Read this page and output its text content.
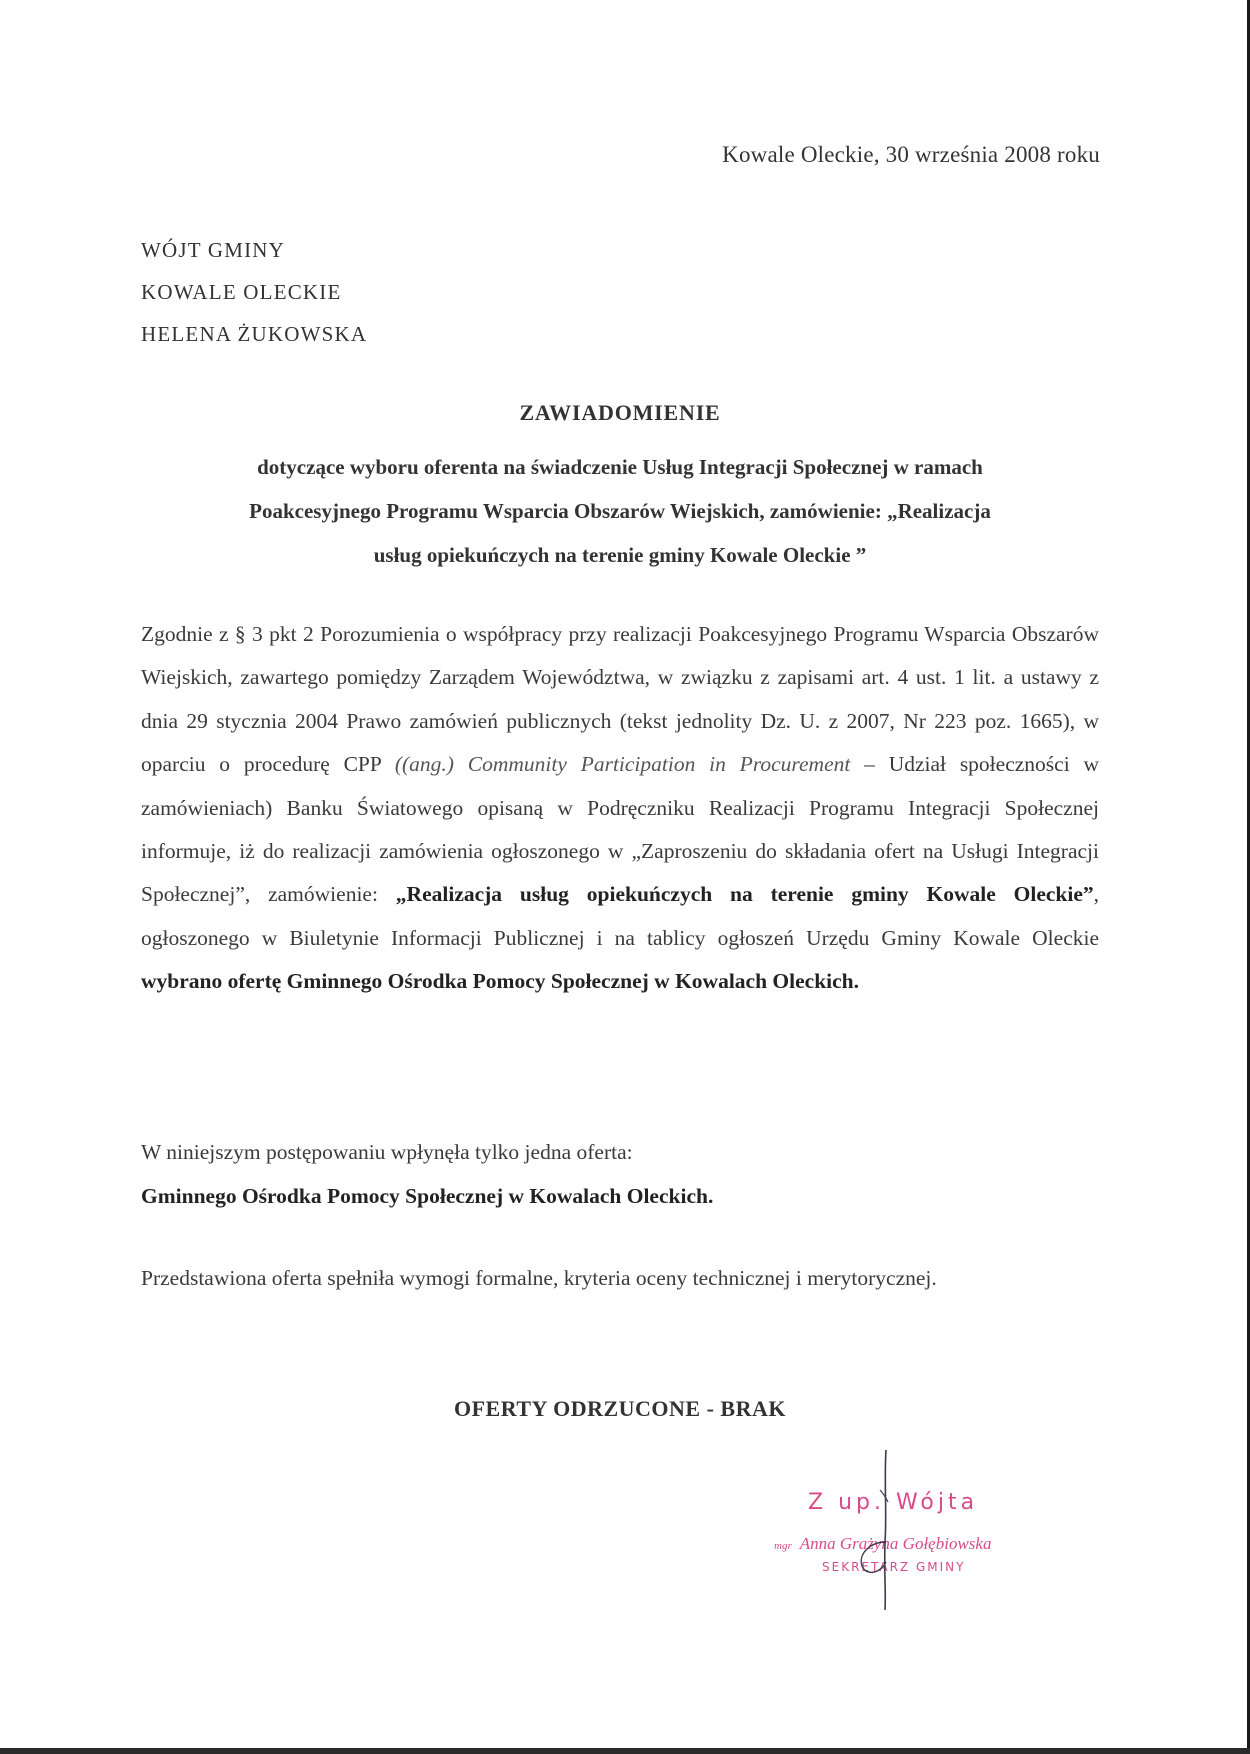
Kowale Oleckie, 30 września 2008 roku
WÓJT GMINY
KOWALE OLECKIE
HELENA ŻUKOWSKA
ZAWIADOMIENIE
dotyczące wyboru oferenta na świadczenie Usług Integracji Społecznej w ramach
Poakcesyjnego Programu Wsparcia Obszarów Wiejskich, zamówienie: „Realizacja
usług opiekuńczych na terenie gminy Kowale Oleckie ”
Zgodnie z § 3 pkt 2 Porozumienia o współpracy przy realizacji Poakcesyjnego Programu Wsparcia Obszarów Wiejskich, zawartego pomiędzy Zarządem Województwa, w związku z zapisami art. 4 ust. 1 lit. a ustawy z dnia 29 stycznia 2004 Prawo zamówień publicznych (tekst jednolity Dz. U. z 2007, Nr 223 poz. 1665), w oparciu o procedurę CPP ((ang.) Community Participation in Procurement – Udział społeczności w zamówieniach) Banku Światowego opisaną w Podręczniku Realizacji Programu Integracji Społecznej informuje, iż do realizacji zamówienia ogłoszonego w „Zaproszeniu do składania ofert na Usługi Integracji Społecznej”, zamówienie: „Realizacja usług opiekuńczych na terenie gminy Kowale Oleckie”, ogłoszonego w Biuletynie Informacji Publicznej i na tablicy ogłoszeń Urzędu Gminy Kowale Oleckie wybrano ofertę Gminnego Ośrodka Pomocy Społecznej w Kowalach Oleckich.
W niniejszym postępowaniu wpłynęła tylko jedna oferta:
Gminnego Ośrodka Pomocy Społecznej w Kowalach Oleckich.
Przedstawiona oferta spełniła wymogi formalne, kryteria oceny technicznej i merytorycznej.
OFERTY ODRZUCONE - BRAK
Z up. Wójta
mgr Anna Grażyna Gołębiowska
SEKRETARZ GMINY
